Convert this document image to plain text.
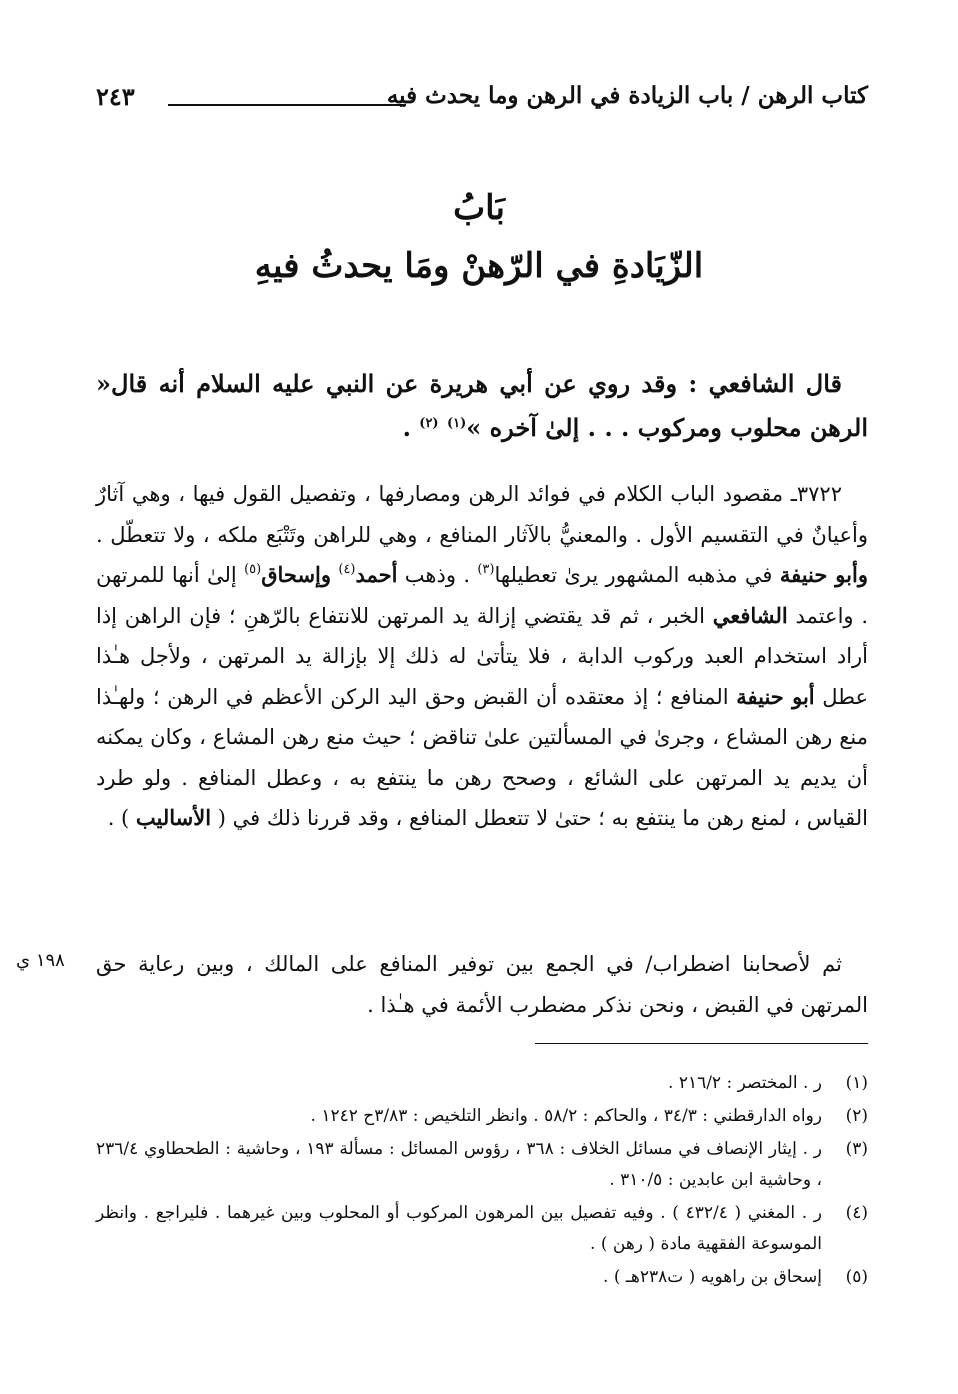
كتاب الرهن / باب الزيادة في الرهن وما يحدث فيه
٢٤٣
بَابُ
الزّيَادةِ في الرّهنْ ومَا يحدثُ فيهِ
قال الشافعي : وقد روي عن أبي هريرة عن النبي عليه السلام أنه قال« الرهن محلوب ومركوب . . . إلىٰ آخره »$^{(١)}$ $^{(٢)}$ .
٣٧٢٢ـ مقصود الباب الكلام في فوائد الرهن ومصارفها ، وتفصيل القول فيها ، وهي آثارٌ وأعيانٌ في التقسيم الأول . والمعنيُّ بالآثار المنافع ، وهي للراهن وتَتْبَع ملكه ، ولا تتعطّل . وأبو حنيفة في مذهبه المشهور يرىٰ تعطيلها$^{(٣)}$ . وذهب أحمد$^{(٤)}$ وإسحاق$^{(٥)}$ إلىٰ أنها للمرتهن . واعتمد الشافعي الخبر ، ثم قد يقتضي إزالة يد المرتهن للانتفاع بالرّهنِ ؛ فإن الراهن إذا أراد استخدام العبد وركوب الدابة ، فلا يتأتىٰ له ذلك إلا بإزالة يد المرتهن ، ولأجل هـٰذا عطل أبو حنيفة المنافع ؛ إذ معتقده أن القبض وحق اليد الركن الأعظم في الرهن ؛ ولهـٰذا منع رهن المشاع ، وجرىٰ في المسألتين علىٰ تناقض ؛ حيث منع رهن المشاع ، وكان يمكنه أن يديم يد المرتهن على الشائع ، وصحح رهن ما ينتفع به ، وعطل المنافع . ولو طرد القياس ، لمنع رهن ما ينتفع به ؛ حتىٰ لا تتعطل المنافع ، وقد قررنا ذلك في ( الأساليب ) .
١٩٨ ي	ثم لأصحابنا اضطراب/ في الجمع بين توفير المنافع على المالك ، وبين رعاية حق المرتهن في القبض ، ونحن نذكر مضطرب الأئمة في هـٰذا .
(١)
ر . المختصر : ٢١٦/٢ .
(٢)
رواه الدارقطني : ٣٤/٣ ، والحاكم : ٥٨/٢ . وانظر التلخيص : ٣/٨٣ح ١٢٤٢ .
(٣)
ر . إيثار الإنصاف في مسائل الخلاف : ٣٦٨ ، رؤوس المسائل : مسألة ١٩٣ ، وحاشية : الطحطاوي ٢٣٦/٤ ، وحاشية ابن عابدين : ٣١٠/٥ .
(٤)
ر . المغني ( ٤٣٢/٤ ) . وفيه تفصيل بين المرهون المركوب أو المحلوب وبين غيرهما . فليراجع . وانظر الموسوعة الفقهية مادة ( رهن ) .
(٥)
إسحاق بن راهويه ( ت٢٣٨هـ ) .
